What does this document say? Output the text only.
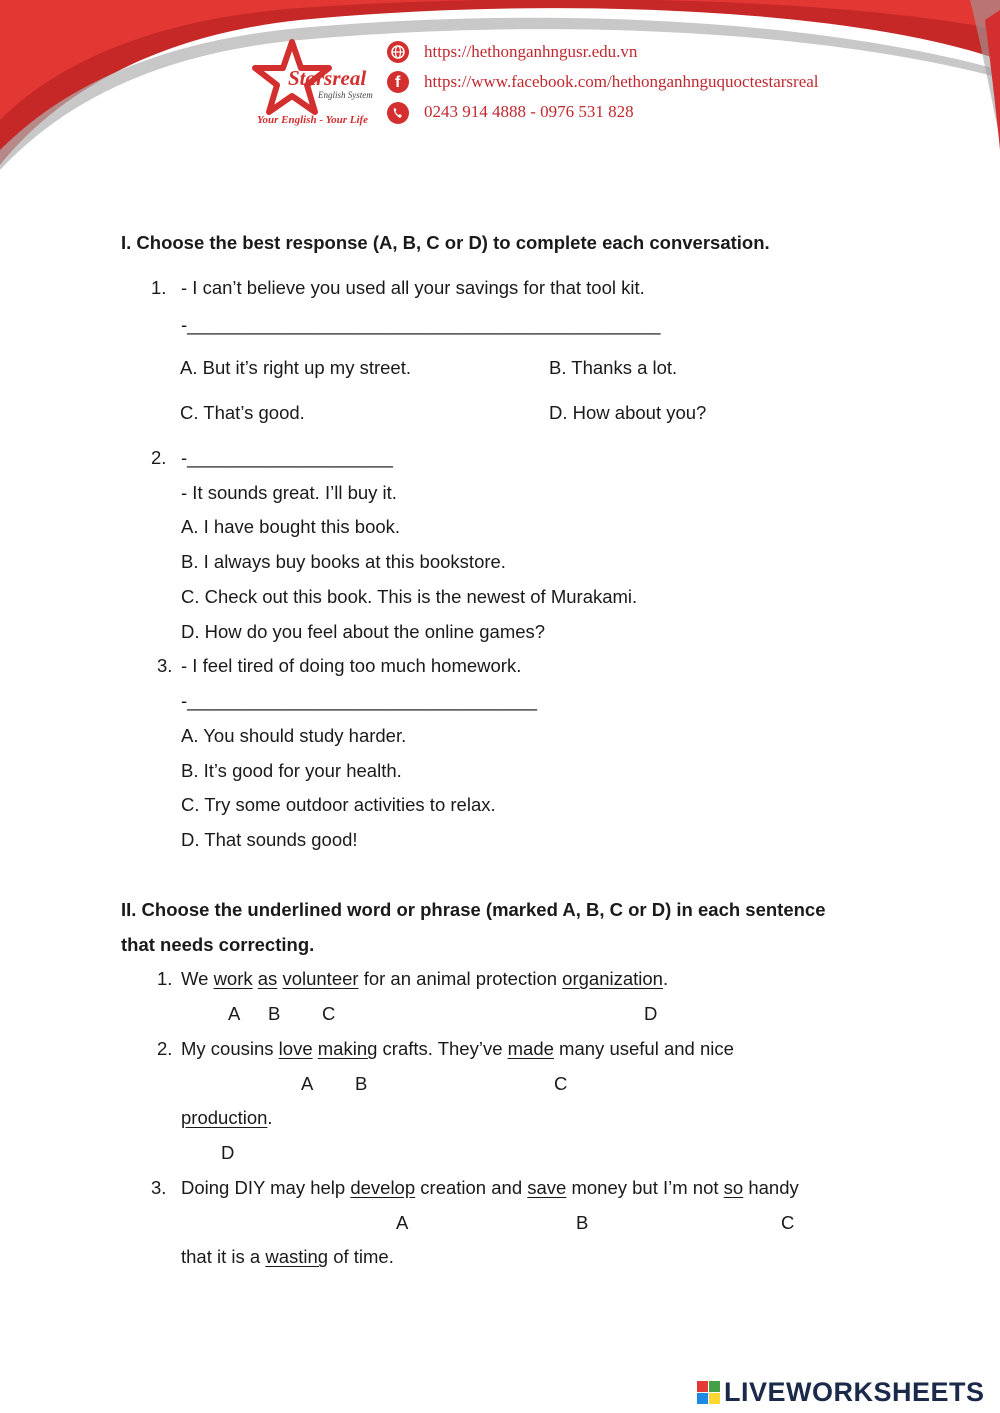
Starsreal
English System
Your English - Your Life
https://hethonganhngusr.edu.vn
f https://www.facebook.com/hethonganhnguquoctestarsreal
0243 914 4888 - 0976 531 828
I. Choose the best response (A, B, C or D) to complete each conversation.
1. - I can’t believe you used all your savings for that tool kit.
-______________________________________________
A. But it’s right up my street.	B. Thanks a lot.
C. That’s good.	D. How about you?
2. -____________________
- It sounds great. I’ll buy it.
A. I have bought this book.
B. I always buy books at this bookstore.
C. Check out this book. This is the newest of Murakami.
D. How do you feel about the online games?
3. - I feel tired of doing too much homework.
-__________________________________
A. You should study harder.
B. It’s good for your health.
C. Try some outdoor activities to relax.
D. That sounds good!
II. Choose the underlined word or phrase (marked A, B, C or D) in each sentence
that needs correcting.
1. We work as volunteer for an animal protection organization.
A B C	D
2. My cousins love making crafts. They’ve made many useful and nice
A B	C
production.
D
3. Doing DIY may help develop creation and save money but I’m not so handy
A	B	C
that it is a wasting of time.
LIVEWORKSHEETS
